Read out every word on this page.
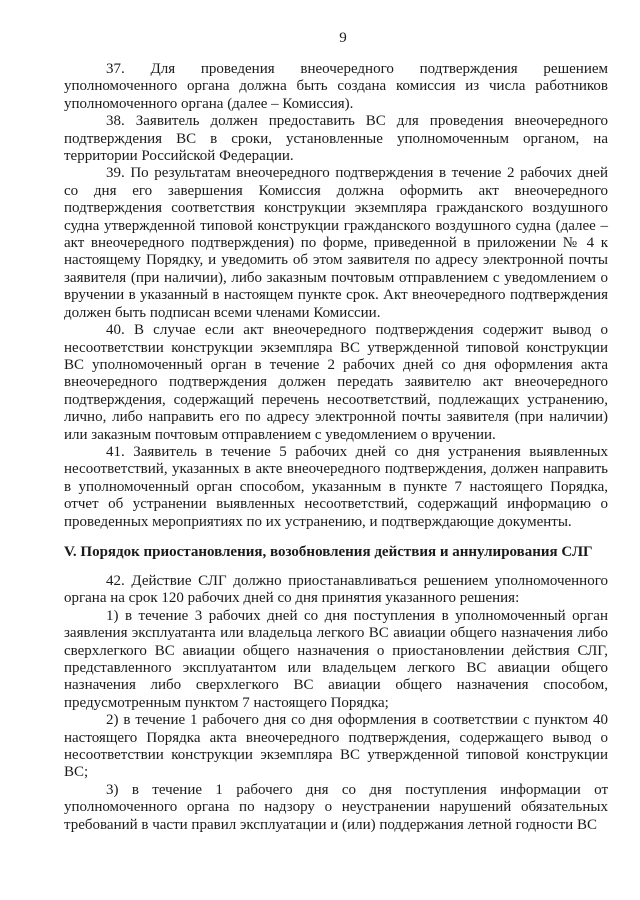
9

37. Для проведения внеочередного подтверждения решением уполномоченного органа должна быть создана комиссия из числа работников уполномоченного органа (далее – Комиссия).

38. Заявитель должен предоставить ВС для проведения внеочередного подтверждения ВС в сроки, установленные уполномоченным органом, на территории Российской Федерации.

39. По результатам внеочередного подтверждения в течение 2 рабочих дней со дня его завершения Комиссия должна оформить акт внеочередного подтверждения соответствия конструкции экземпляра гражданского воздушного судна утвержденной типовой конструкции гражданского воздушного судна (далее – акт внеочередного подтверждения) по форме, приведенной в приложении № 4 к настоящему Порядку, и уведомить об этом заявителя по адресу электронной почты заявителя (при наличии), либо заказным почтовым отправлением с уведомлением о вручении в указанный в настоящем пункте срок. Акт внеочередного подтверждения должен быть подписан всеми членами Комиссии.

40. В случае если акт внеочередного подтверждения содержит вывод о несоответствии конструкции экземпляра ВС утвержденной типовой конструкции ВС уполномоченный орган в течение 2 рабочих дней со дня оформления акта внеочередного подтверждения должен передать заявителю акт внеочередного подтверждения, содержащий перечень несоответствий, подлежащих устранению, лично, либо направить его по адресу электронной почты заявителя (при наличии) или заказным почтовым отправлением с уведомлением о вручении.

41. Заявитель в течение 5 рабочих дней со дня устранения выявленных несоответствий, указанных в акте внеочередного подтверждения, должен направить в уполномоченный орган способом, указанным в пункте 7 настоящего Порядка, отчет об устранении выявленных несоответствий, содержащий информацию о проведенных мероприятиях по их устранению, и подтверждающие документы.

V. Порядок приостановления, возобновления действия и аннулирования СЛГ

42. Действие СЛГ должно приостанавливаться решением уполномоченного органа на срок 120 рабочих дней со дня принятия указанного решения:

1) в течение 3 рабочих дней со дня поступления в уполномоченный орган заявления эксплуатанта или владельца легкого ВС авиации общего назначения либо сверхлегкого ВС авиации общего назначения о приостановлении действия СЛГ, представленного эксплуатантом или владельцем легкого ВС авиации общего назначения либо сверхлегкого ВС авиации общего назначения способом, предусмотренным пунктом 7 настоящего Порядка;

2) в течение 1 рабочего дня со дня оформления в соответствии с пунктом 40 настоящего Порядка акта внеочередного подтверждения, содержащего вывод о несоответствии конструкции экземпляра ВС утвержденной типовой конструкции ВС;

3) в течение 1 рабочего дня со дня поступления информации от уполномоченного органа по надзору о неустранении нарушений обязательных требований в части правил эксплуатации и (или) поддержания летной годности ВС
